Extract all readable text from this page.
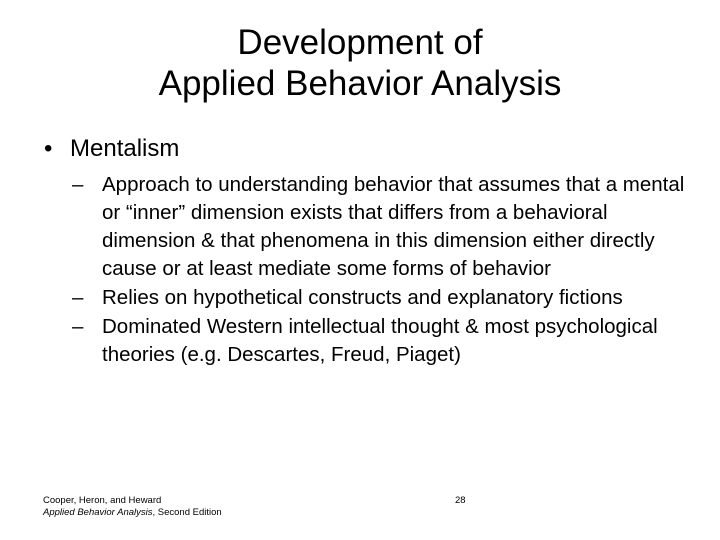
Development of
Applied Behavior Analysis
• Mentalism
– Approach to understanding behavior that assumes that a mental or “inner” dimension exists that differs from a behavioral dimension & that phenomena in this dimension either directly cause or at least mediate some forms of behavior
– Relies on hypothetical constructs and explanatory fictions
– Dominated Western intellectual thought & most psychological theories (e.g. Descartes, Freud, Piaget)
Cooper, Heron, and Heward
Applied Behavior Analysis, Second Edition
28
